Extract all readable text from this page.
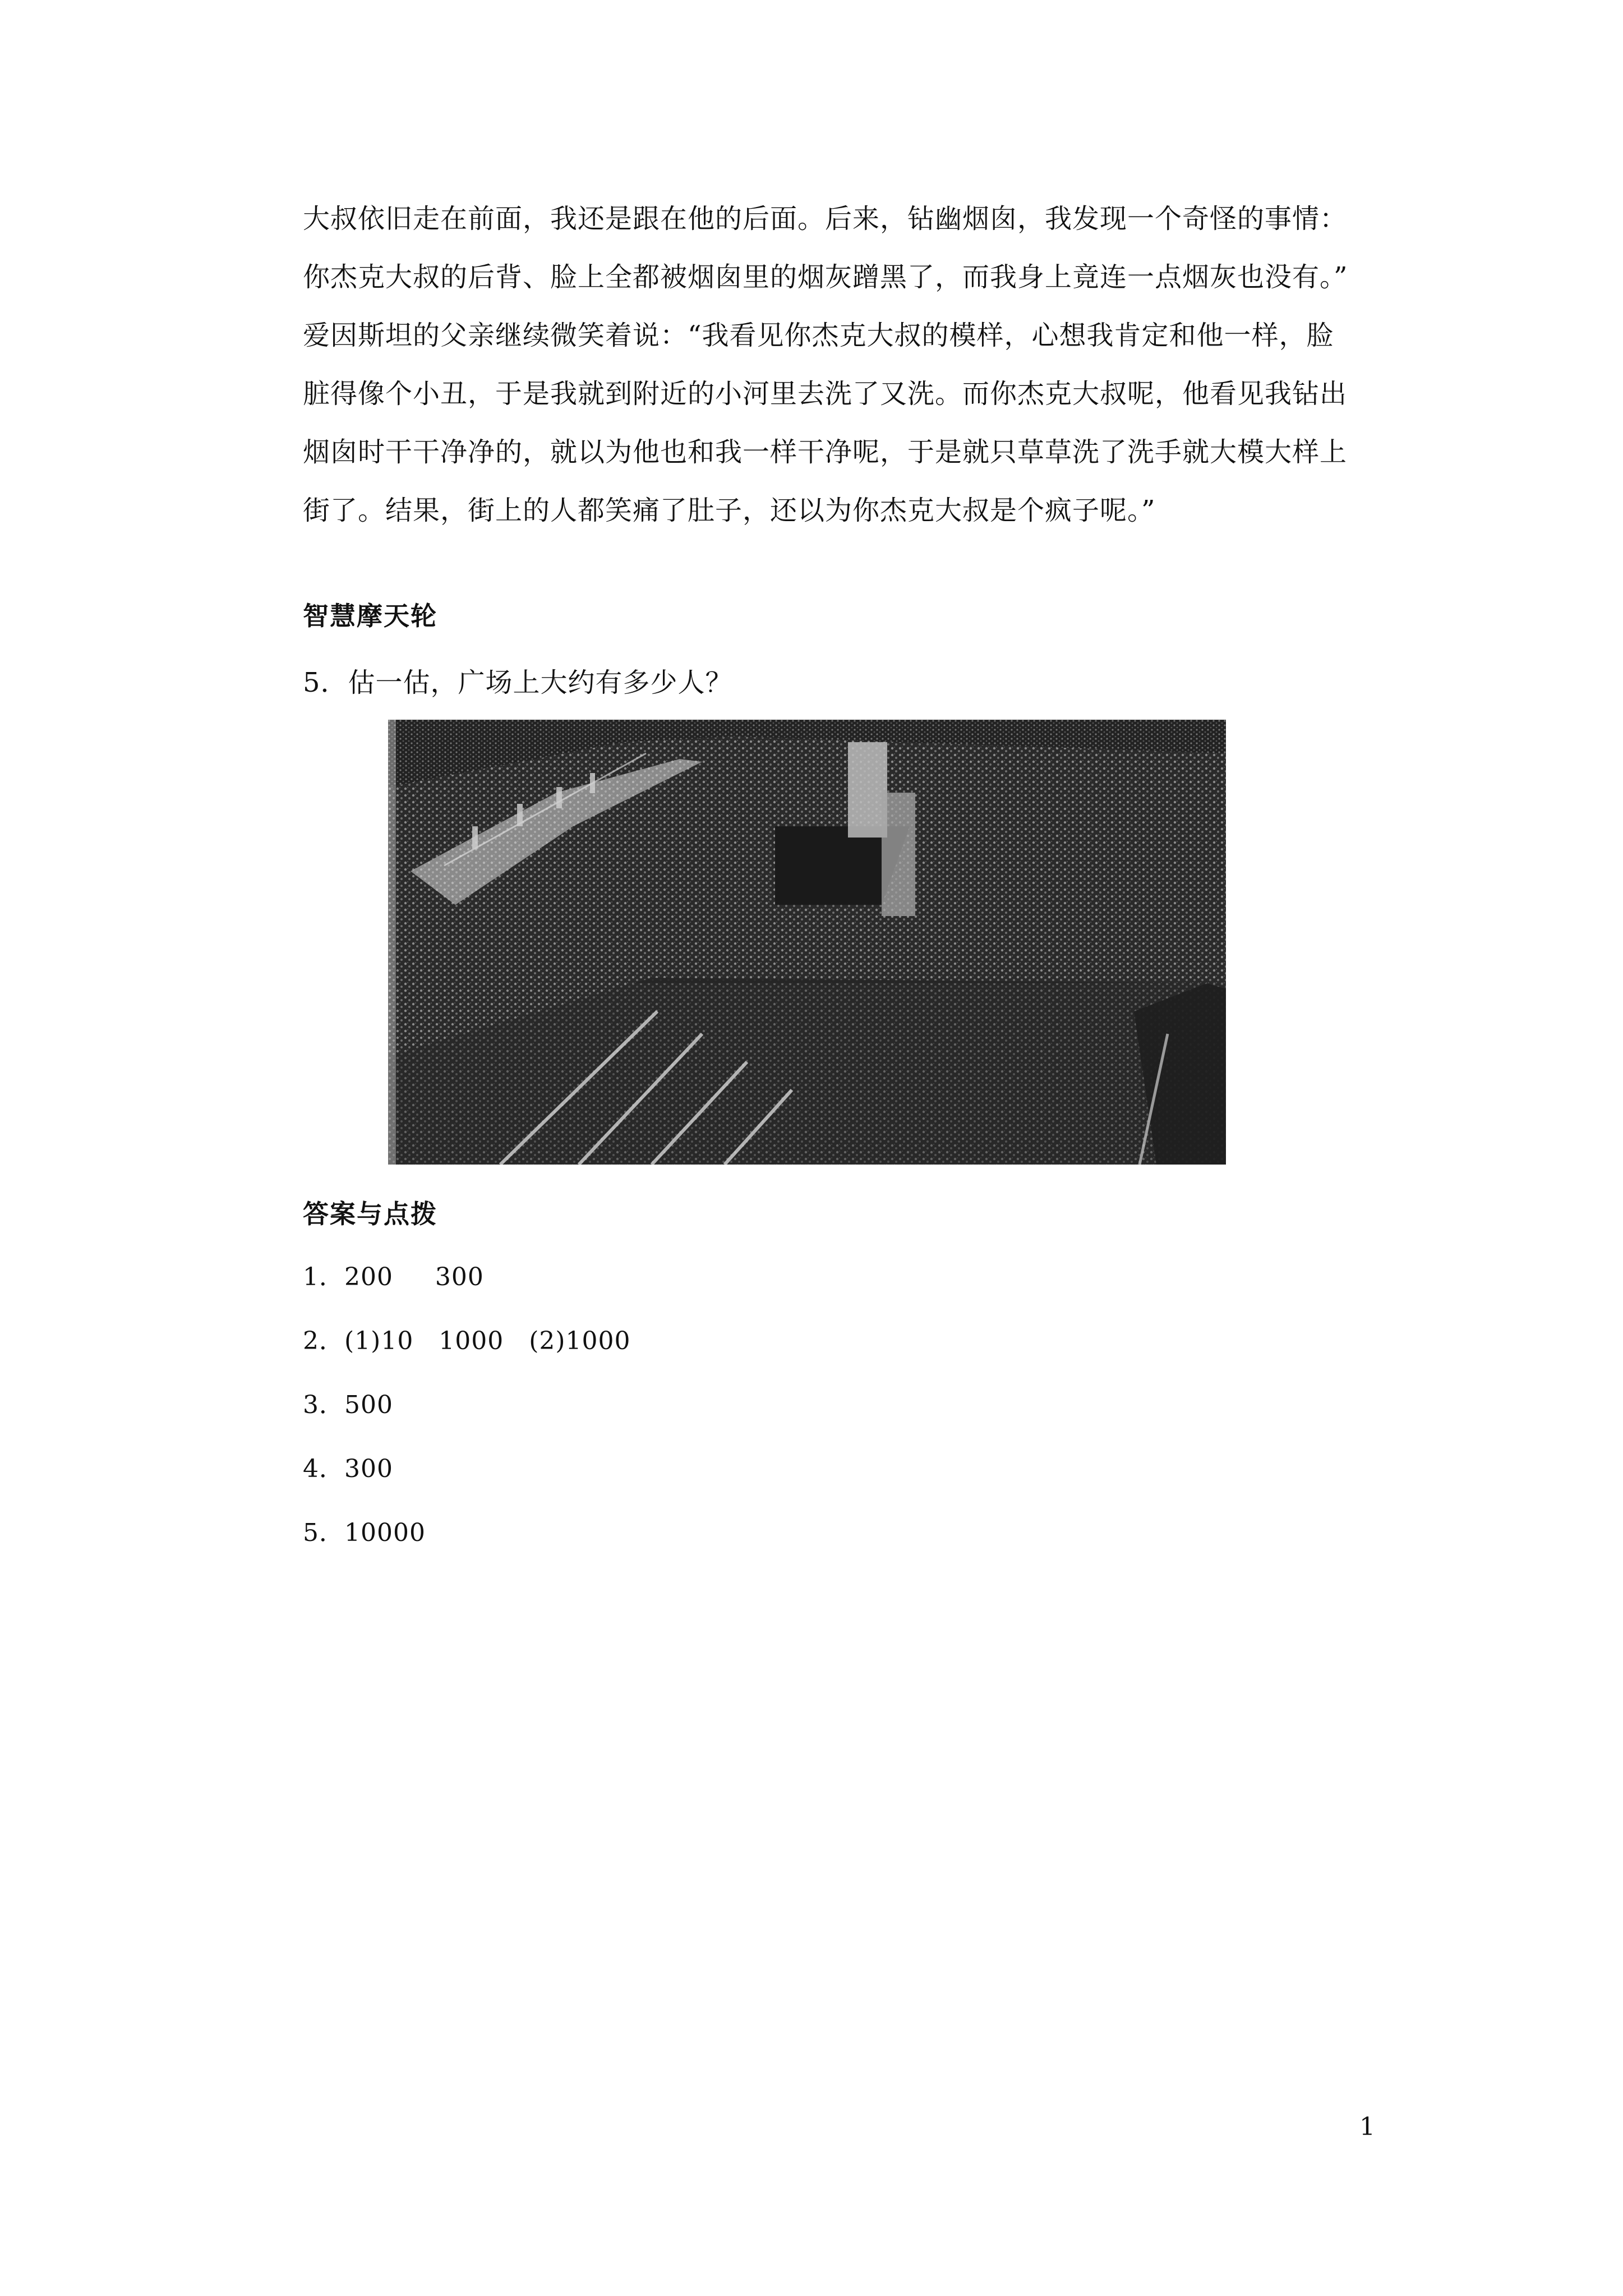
大叔依旧走在前面，我还是跟在他的后面。后来，钻幽烟囱，我发现一个奇怪的事情：
你杰克大叔的后背、脸上全都被烟囱里的烟灰蹭黑了，而我身上竟连一点烟灰也没有。”
爱因斯坦的父亲继续微笑着说：“我看见你杰克大叔的模样，心想我肯定和他一样，脸
脏得像个小丑，于是我就到附近的小河里去洗了又洗。而你杰克大叔呢，他看见我钻出
烟囱时干干净净的，就以为他也和我一样干净呢，于是就只草草洗了洗手就大模大样上
街了。结果，街上的人都笑痛了肚子，还以为你杰克大叔是个疯子呢。”
智慧摩天轮
5．估一估，广场上大约有多少人？
答案与点拨
1．200     300
2．(1)10   1000   (2)1000
3．500
4．300
5．10000
1
